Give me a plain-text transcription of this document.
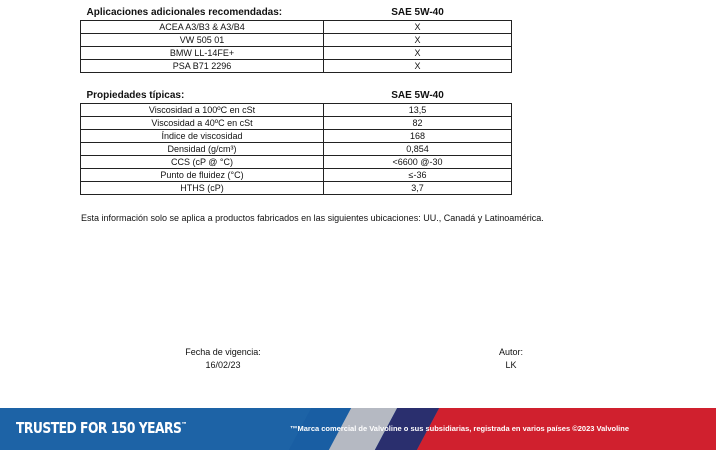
Aplicaciones adicionales recomendadas:	SAE 5W-40
ACEA A3/B3 & A3/B4	X
VW 505 01	X
BMW LL-14FE+	X
PSA B71 2296	X
Propiedades típicas:	SAE 5W-40
Viscosidad a 100ºC en cSt	13,5
Viscosidad a 40ºC en cSt	82
Índice de viscosidad	168
Densidad (g/cm³)	0,854
CCS (cP @ °C)	<6600 @-30
Punto de fluidez (°C)	≤-36
HTHS (cP)	3,7
Esta información solo se aplica a productos fabricados en las siguientes ubicaciones: UU., Canadá y Latinoamérica.
Fecha de vigencia:
16/02/23
Autor:
LK
TRUSTED FOR 150 YEARS™	™Marca comercial de Valvoline o sus subsidiarias, registrada en varios países ©2023 Valvoline
